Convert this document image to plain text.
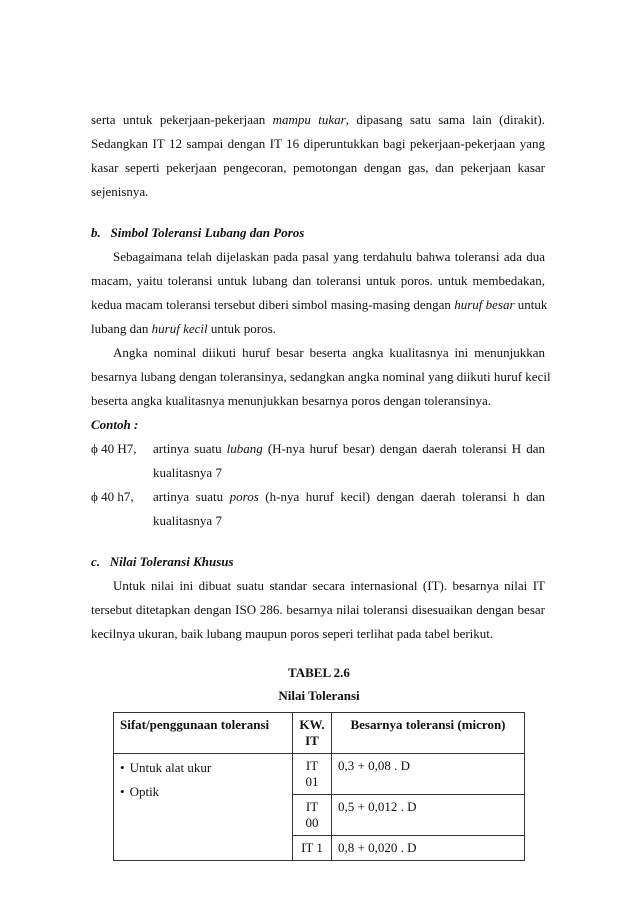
serta untuk pekerjaan-pekerjaan mampu tukar, dipasang satu sama lain (dirakit).
Sedangkan IT 12 sampai dengan IT 16 diperuntukkan bagi pekerjaan-pekerjaan yang
kasar seperti pekerjaan pengecoran, pemotongan dengan gas, dan pekerjaan kasar
sejenisnya.
b.   Simbol Toleransi Lubang dan Poros
Sebagaimana telah dijelaskan pada pasal yang terdahulu bahwa toleransi ada dua
macam, yaitu toleransi untuk lubang dan toleransi untuk poros. untuk membedakan,
kedua macam toleransi tersebut diberi simbol masing-masing dengan huruf besar untuk
lubang dan huruf kecil untuk poros.
Angka nominal diikuti huruf besar beserta angka kualitasnya ini menunjukkan
besarnya lubang dengan toleransinya, sedangkan angka nominal yang diikuti huruf kecil
beserta angka kualitasnya menunjukkan besarnya poros dengan toleransinya.
Contoh :
ϕ 40 H7, artinya suatu lubang (H-nya huruf besar) dengan daerah toleransi H dan
kualitasnya 7
ϕ 40 h7, artinya suatu poros (h-nya huruf kecil) dengan daerah toleransi h dan
kualitasnya 7
c.   Nilai Toleransi Khusus
Untuk nilai ini dibuat suatu standar secara internasional (IT). besarnya nilai IT
tersebut ditetapkan dengan ISO 286. besarnya nilai toleransi disesuaikan dengan besar
kecilnya ukuran, baik lubang maupun poros seperi terlihat pada tabel berikut.
TABEL 2.6
Nilai Toleransi
Sifat/penggunaan toleransi	KW. IT	Besarnya toleransi (micron)

• Untuk alat ukur
• Optik	IT 01	0,3 + 0,08 . D
	IT 00	0,5 + 0,012 . D
	IT 1	0,8 + 0,020 . D
